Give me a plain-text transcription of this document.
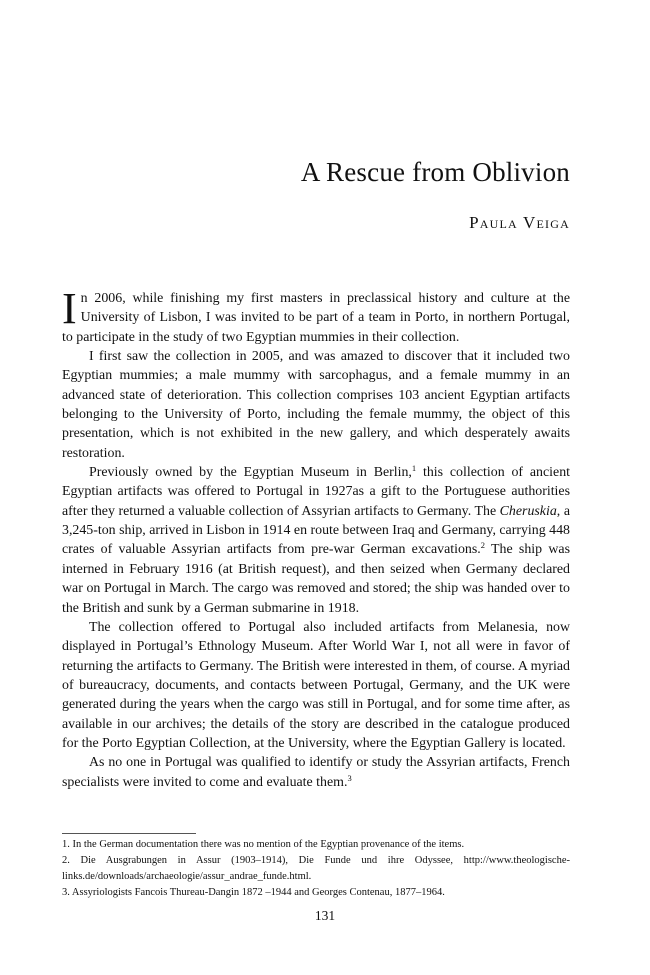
A Rescue from Oblivion
Paula Veiga

In 2006, while finishing my first masters in preclassical history and culture at the University of Lisbon, I was invited to be part of a team in Porto, in northern Portugal, to participate in the study of two Egyptian mummies in their collection.

I first saw the collection in 2005, and was amazed to discover that it included two Egyptian mummies; a male mummy with sarcophagus, and a female mummy in an advanced state of deterioration. This collection comprises 103 ancient Egyptian artifacts belonging to the University of Porto, including the female mummy, the object of this presentation, which is not exhibited in the new gallery, and which desperately awaits restoration.

Previously owned by the Egyptian Museum in Berlin,$^1$ this collection of ancient Egyptian artifacts was offered to Portugal in 1927as a gift to the Portuguese authorities after they returned a valuable collection of Assyrian artifacts to Germany. The Cheruskia, a 3,245-ton ship, arrived in Lisbon in 1914 en route between Iraq and Germany, carrying 448 crates of valuable Assyrian artifacts from pre-war German excavations.$^2$ The ship was interned in February 1916 (at British request), and then seized when Germany declared war on Portugal in March. The cargo was removed and stored; the ship was handed over to the British and sunk by a German submarine in 1918.

The collection offered to Portugal also included artifacts from Melanesia, now displayed in Portugal’s Ethnology Museum. After World War I, not all were in favor of returning the artifacts to Germany. The British were interested in them, of course. A myriad of bureaucracy, documents, and contacts between Portugal, Germany, and the UK were generated during the years when the cargo was still in Portugal, and for some time after, as available in our archives; the details of the story are described in the catalogue produced for the Porto Egyptian Collection, at the University, where the Egyptian Gallery is located.

As no one in Portugal was qualified to identify or study the Assyrian artifacts, French specialists were invited to come and evaluate them.$^3$

1. In the German documentation there was no mention of the Egyptian provenance of the items.

2. Die Ausgrabungen in Assur (1903–1914), Die Funde und ihre Odyssee, http://www.theologische-links.de/downloads/archaeologie/assur_andrae_funde.html.

3. Assyriologists Fancois Thureau-Dangin 1872 –1944 and Georges Contenau, 1877–1964.

131
